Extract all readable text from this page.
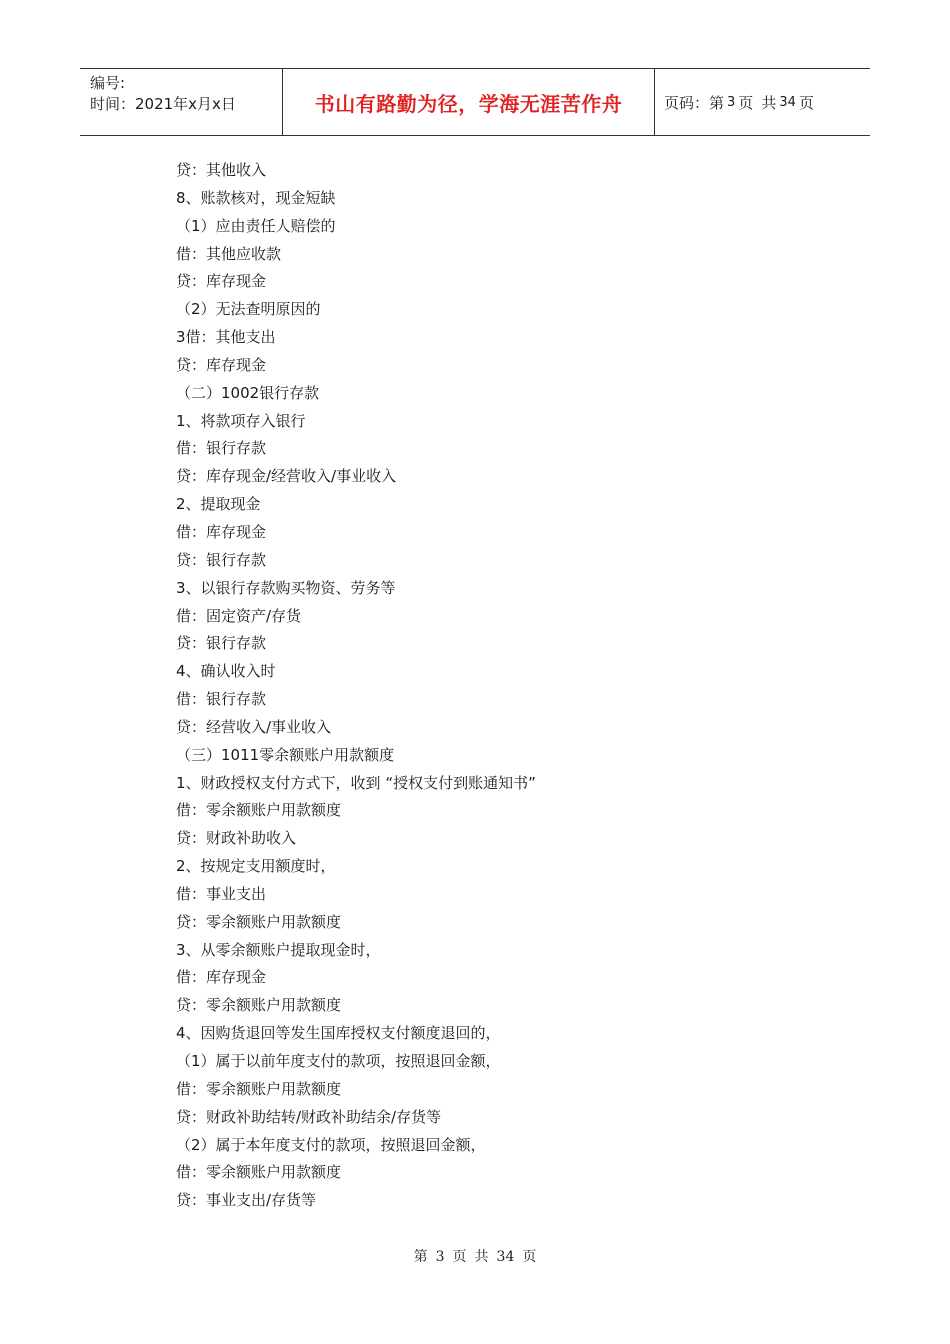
编号:
时间：2021年x月x日	书山有路勤为径，学海无涯苦作舟	页码：第 3 页 共 34 页
贷：其他收入
8、账款核对，现金短缺
（1）应由责任人赔偿的
借：其他应收款
贷：库存现金
（2）无法查明原因的
3借：其他支出
贷：库存现金
（二）1002银行存款
1、将款项存入银行
借：银行存款
贷：库存现金/经营收入/事业收入
2、提取现金
借：库存现金
贷：银行存款
3、以银行存款购买物资、劳务等
借：固定资产/存货
贷：银行存款
4、确认收入时
借：银行存款
贷：经营收入/事业收入
（三）1011零余额账户用款额度
1、财政授权支付方式下，收到 “授权支付到账通知书”
借：零余额账户用款额度
贷：财政补助收入
2、按规定支用额度时，
借：事业支出
贷：零余额账户用款额度
3、从零余额账户提取现金时，
借：库存现金
贷：零余额账户用款额度
4、因购货退回等发生国库授权支付额度退回的，
（1）属于以前年度支付的款项，按照退回金额，
借：零余额账户用款额度
贷：财政补助结转/财政补助结余/存货等
（2）属于本年度支付的款项，按照退回金额，
借：零余额账户用款额度
贷：事业支出/存货等
第 3 页 共 34 页
